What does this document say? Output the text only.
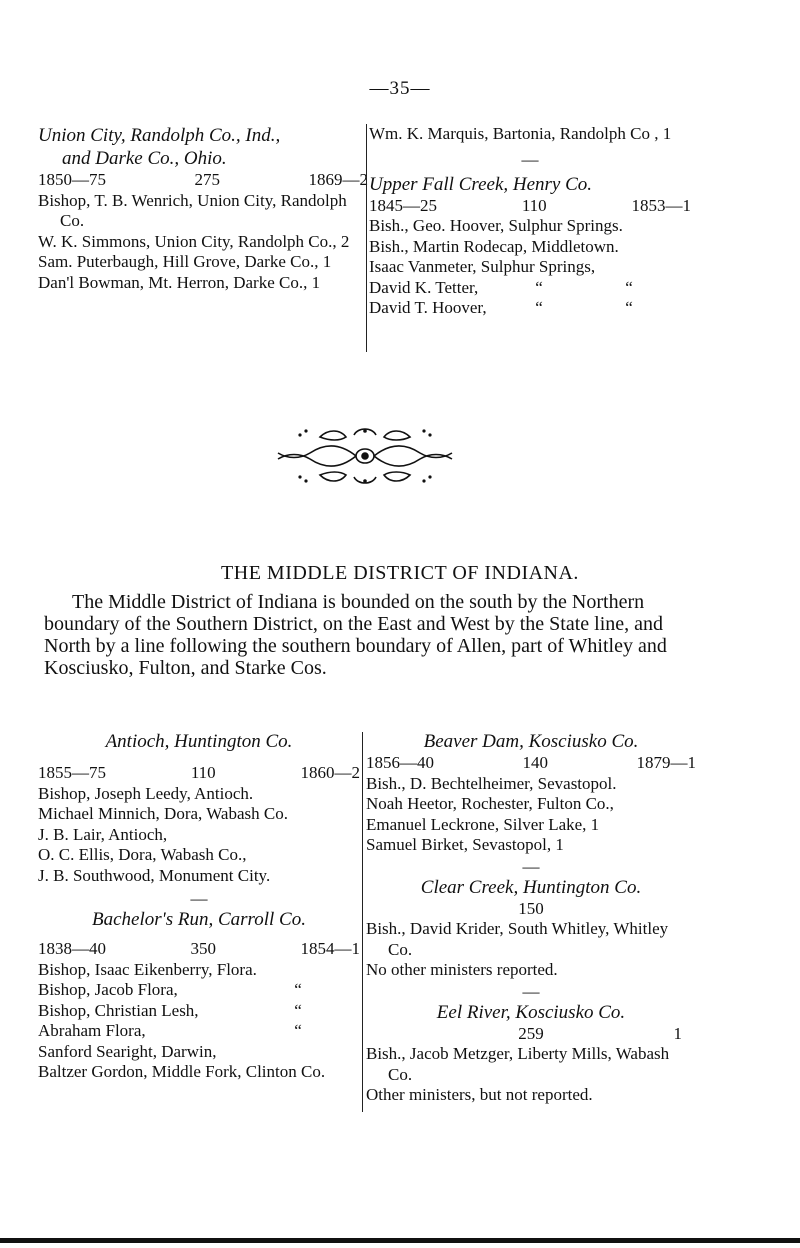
—35—
Union City, Randolph Co., Ind.,
and Darke Co., Ohio.
1850—75	275	1869—2
Bishop, T. B. Wenrich, Union City, Randolph Co.
W. K. Simmons, Union City, Randolph Co., 2
Sam. Puterbaugh, Hill Grove, Darke Co., 1
Dan'l Bowman, Mt. Herron, Darke Co., 1
Wm. K. Marquis, Bartonia, Randolph Co , 1
—
Upper Fall Creek, Henry Co.
1845—25	110	1853—1
Bish., Geo. Hoover, Sulphur Springs.
Bish., Martin Rodecap, Middletown.
Isaac Vanmeter, Sulphur Springs,
David K. Tetter,	“	“
David T. Hoover,	“	“
THE MIDDLE DISTRICT OF INDIANA.

The Middle District of Indiana is bounded on the south by the Northern boundary of the Southern District, on the East and West by the State line, and North by a line following the southern boundary of Allen, part of Whitley and Kosciusko, Fulton, and Starke Cos.

Antioch, Huntington Co.
1855—75	110	1860—2
Bishop, Joseph Leedy, Antioch.
Michael Minnich, Dora, Wabash Co.
J. B. Lair, Antioch,
O. C. Ellis, Dora, Wabash Co.,
J. B. Southwood, Monument City.
—
Bachelor's Run, Carroll Co.
1838—40	350	1854—1
Bishop, Isaac Eikenberry, Flora.
Bishop, Jacob Flora,	“
Bishop, Christian Lesh,	“
Abraham Flora,	“
Sanford Searight, Darwin,
Baltzer Gordon, Middle Fork, Clinton Co.
Beaver Dam, Kosciusko Co.
1856—40	140	1879—1
Bish., D. Bechtelheimer, Sevastopol.
Noah Heetor, Rochester, Fulton Co.,
Emanuel Leckrone, Silver Lake, 1
Samuel Birket, Sevastopol, 1
—
Clear Creek, Huntington Co.
150
Bish., David Krider, South Whitley, Whitley Co.
No other ministers reported.
—
Eel River, Kosciusko Co.
259	1
Bish., Jacob Metzger, Liberty Mills, Wabash Co.
Other ministers, but not reported.
